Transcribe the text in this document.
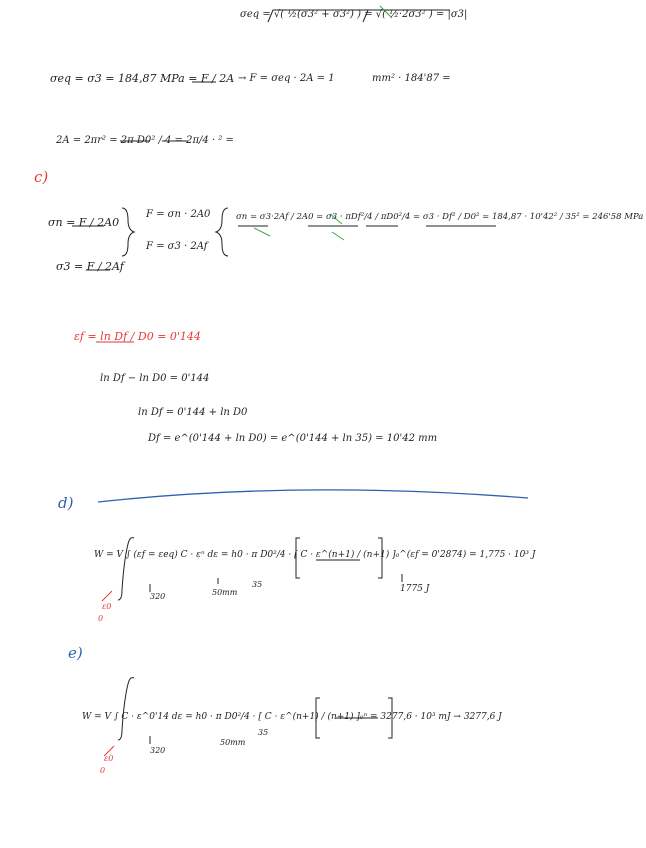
σeq = √( ½(σ3² + σ3²) ) = √( ½·2σ3² ) = |σ3|
σeq = σ3 = 184,87 MPa = F / 2A → F = σeq · 2A = 1	mm² · 184'87 =
2A = 2πr² = 2π D0² / 4 = 2π/4 · ² =
c)
σn = F / 2A0
σ3 = F / 2Af
F = σn · 2A0
F = σ3 · 2Af
σn = σ3·2Af / 2A0 = σ3 · πDf²/4 / πD0²/4 = σ3 · Df² / D0² = 184,87 · 10'42² / 35² = 246'58 MPa
εf = ln Df / D0 = 0'144
ln Df − ln D0 = 0'144
ln Df = 0'144 + ln D0
Df = e^(0'144 + ln D0) = e^(0'144 + ln 35) = 10'42 mm
d)
W = V ∫ (εf = εeq) C · εⁿ dε = h0 · π D0²/4 · [ C · ε^(n+1) / (n+1) ]₀^(εf = 0'2874) = 1,775 · 10³ J
320	50mm
35
ε0
0
1775 J
e)
W = V ∫ C · ε^0'14 dε = h0 · π D0²/4 · [ C · ε^(n+1) / (n+1) ]₀ⁿ = 3277,6 · 10³ mJ → 3277,6 J
320
50mm
35
ε0
0
